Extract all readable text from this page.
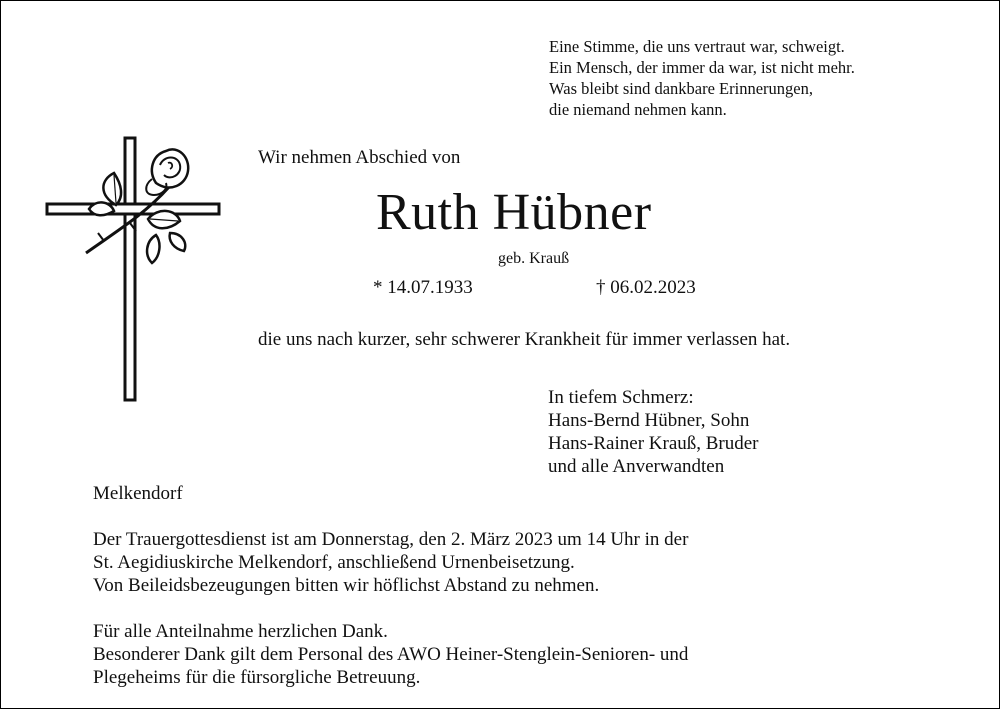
Eine Stimme, die uns vertraut war, schweigt.
Ein Mensch, der immer da war, ist nicht mehr.
Was bleibt sind dankbare Erinnerungen,
die niemand nehmen kann.
Wir nehmen Abschied von
Ruth Hübner
geb. Krauß
* 14.07.1933	† 06.02.2023
die uns nach kurzer, sehr schwerer Krankheit für immer verlassen hat.
In tiefem Schmerz:
Hans-Bernd Hübner, Sohn
Hans-Rainer Krauß, Bruder
und alle Anverwandten
Melkendorf
Der Trauergottesdienst ist am Donnerstag, den 2. März 2023 um 14 Uhr in der
St. Aegidiuskirche Melkendorf, anschließend Urnenbeisetzung.
Von Beileidsbezeugungen bitten wir höflichst Abstand zu nehmen.
Für alle Anteilnahme herzlichen Dank.
Besonderer Dank gilt dem Personal des AWO Heiner-Stenglein-Senioren- und
Plegeheims für die fürsorgliche Betreuung.
